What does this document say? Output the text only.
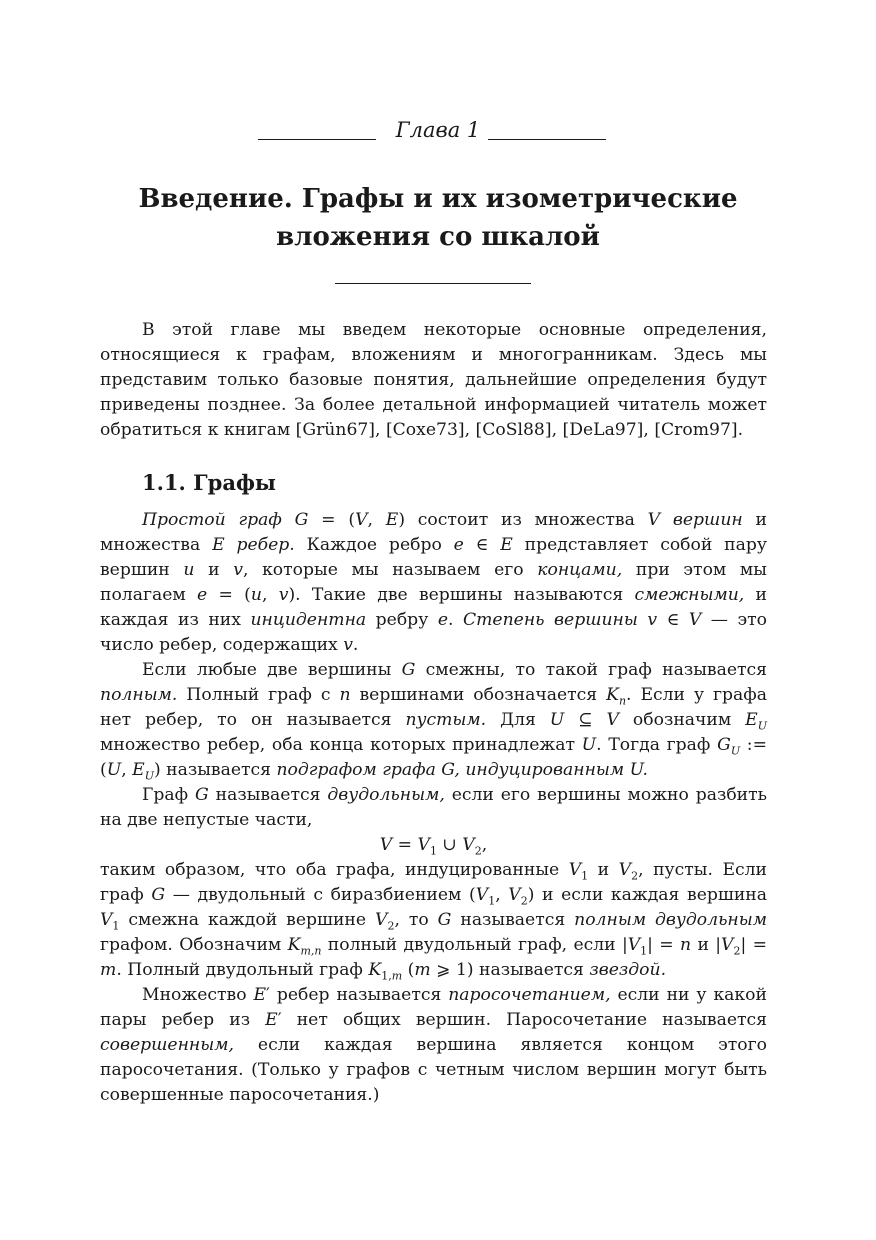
Глава 1
Введение. Графы и их изометрические
вложения со шкалой

В этой главе мы введем некоторые основные определения, относящиеся к графам, вложениям и многогранникам. Здесь мы представим только базовые понятия, дальнейшие определения будут приведены позднее. За более детальной информацией читатель может обратиться к книгам [Grün67], [Coxe73], [CoSl88], [DeLa97], [Crom97].

1.1. Графы

Простой граф G = (V, E) состоит из множества V вершин и множества E ребер. Каждое ребро e ∈ E представляет собой пару вершин u и v, которые мы называем его концами, при этом мы полагаем e = (u, v). Такие две вершины называются смежными, и каждая из них инцидентна ребру e. Степень вершины v ∈ V — это число ребер, содержащих v.

Если любые две вершины G смежны, то такой граф называется полным. Полный граф с n вершинами обозначается $K_n$. Если у графа нет ребер, то он называется пустым. Для U ⊆ V обозначим $E_U$ множество ребер, оба конца которых принадлежат U. Тогда граф $G_U$ := (U, $E_U$) называется подграфом графа G, индуцированным U.

Граф G называется двудольным, если его вершины можно разбить на две непустые части,

$V = V_1$ ∪ $V_2$,

таким образом, что оба графа, индуцированные $V_1$ и $V_2$, пусты. Если граф G — двудольный с биразбиением ($V_1$, $V_2$) и если каждая вершина $V_1$ смежна каждой вершине $V_2$, то G называется полным двудольным графом. Обозначим $K_{m,n}$ полный двудольный граф, если $|V_1| = n$ и $|V_2| = m$. Полный двудольный граф $K_{1,m}$ (m ⩾ 1) называется звездой.

Множество E′ ребер называется паросочетанием, если ни у какой пары ребер из E′ нет общих вершин. Паросочетание называется совершенным, если каждая вершина является концом этого паросочетания. (Только у графов с четным числом вершин могут быть совершенные паросочетания.)
